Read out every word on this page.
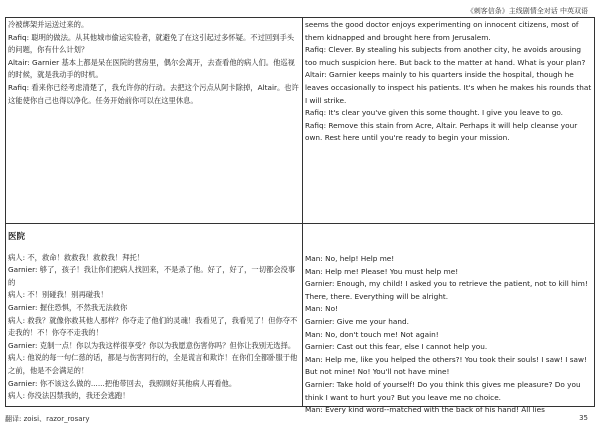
《刺客信条》主线剧情全对话 中英双语

冷被绑架并运送过来的。

Rafiq: 聪明的做法。从其他城市偷运实验者，就避免了在这引起过多怀疑。不过回到手头的问题，你有什么计划？

Altair: Garnier 基本上都是呆在医院的营房里，偶尔会离开，去查看他的病人们。他巡视的时候，就是我动手的时机。

Rafiq: 看来你已经考虑清楚了，我允许你的行动。去把这个污点从阿卡除掉，Altair。也许这能使你自己也得以净化。任务开始前你可以在这里休息。

seems the good doctor enjoys experimenting on innocent citizens, most of them kidnapped and brought here from Jerusalem.

Rafiq: Clever. By stealing his subjects from another city, he avoids arousing too much suspicion here. But back to the matter at hand. What is your plan?

Altair: Garnier keeps mainly to his quarters inside the hospital, though he leaves occasionally to inspect his patients. It's when he makes his rounds that I will strike.

Rafiq: It's clear you've given this some thought. I give you leave to go.

Rafiq: Remove this stain from Acre, Altair. Perhaps it will help cleanse your own. Rest here until you're ready to begin your mission.

医院

病人: 不，救命！救救我！救救我！拜托！

Garnier: 够了，孩子！我让你们把病人找回来，不是杀了他。好了，好了，一切都会没事的

病人: 不！别碰我！别再碰我！

Garnier: 握住恐惧，不然我无法救你

病人: 救我？就像你救其他人那样？你夺走了他们的灵魂！我看见了，我看见了！但你夺不走我的！不！你夺不走我的！

Garnier: 克制一点！你以为我这样很享受？你以为我愿意伤害你吗？但你让我别无选择。

病人: 他说的每一句仁慈的话，都是与伤害同行的，全是谎言和欺诈！在你们全都卧服于他之前，他是不会满足的！

Garnier: 你不该这么做的......把他带回去，我照顾好其他病人再看他。

病人: 你没法囚禁我的，我还会逃跑！

Man: No, help! Help me!

Man: Help me! Please! You must help me!

Garnier: Enough, my child! I asked you to retrieve the patient, not to kill him! There, there. Everything will be alright.

Man: No!

Garnier: Give me your hand.

Man: No, don't touch me! Not again!

Garnier: Cast out this fear, else I cannot help you.

Man: Help me, like you helped the others?! You took their souls! I saw! I saw! But not mine! No! You'll not have mine!

Garnier: Take hold of yourself! Do you think this gives me pleasure? Do you think I want to hurt you? But you leave me no choice.

Man: Every kind word--matched with the back of his hand! All lies

翻译: zoisi、razor_rosary	35
